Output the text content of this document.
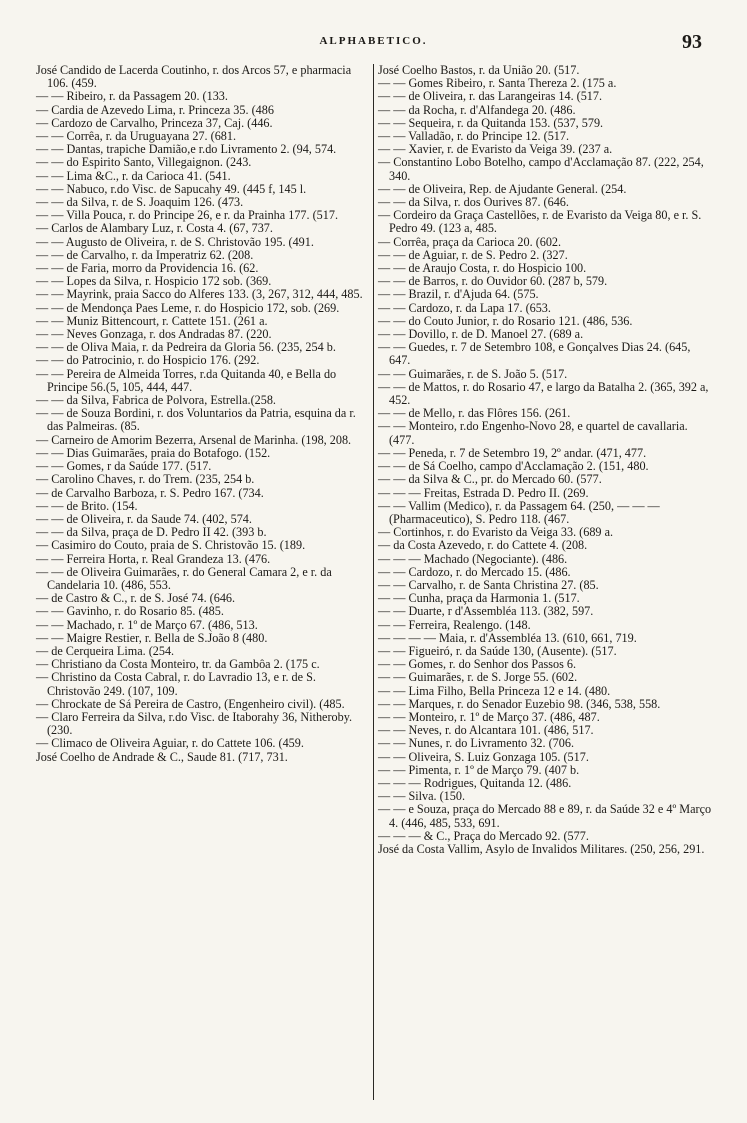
ALPHABETICO.	93

José Candido de Lacerda Coutinho, r. dos Arcos 57, e pharmacia 106. (459.

— — Ribeiro, r. da Passagem 20. (133.

— Cardia de Azevedo Lima, r. Princeza 35. (486

— Cardozo de Carvalho, Princeza 37, Caj. (446.

— — Corrêa, r. da Uruguayana 27. (681.

— — Dantas, trapiche Damião,e r.do Livramento 2. (94, 574.

— — do Espirito Santo, Villegaignon. (243.

— — Lima &C., r. da Carioca 41. (541.

— — Nabuco, r.do Visc. de Sapucahy 49. (445 f, 145 l.

— — da Silva, r. de S. Joaquim 126. (473.

— — Villa Pouca, r. do Principe 26, e r. da Prainha 177. (517.

— Carlos de Alambary Luz, r. Costa 4. (67, 737.

— — Augusto de Oliveira, r. de S. Christovão 195. (491.

— — de Carvalho, r. da Imperatriz 62. (208.

— — de Faria, morro da Providencia 16. (62.

— — Lopes da Silva, r. Hospicio 172 sob. (369.

— — Mayrink, praia Sacco do Alferes 133. (3, 267, 312, 444, 485.

— — de Mendonça Paes Leme, r. do Hospicio 172, sob. (269.

— — Muniz Bittencourt, r. Cattete 151. (261 a.

— — Neves Gonzaga, r. dos Andradas 87. (220.

— — de Oliva Maia, r. da Pedreira da Gloria 56. (235, 254 b.

— — do Patrocinio, r. do Hospicio 176. (292.

— — Pereira de Almeida Torres, r.da Quitanda 40, e Bella do Principe 56.(5, 105, 444, 447.

— — da Silva, Fabrica de Polvora, Estrella.(258.

— — de Souza Bordini, r. dos Voluntarios da Patria, esquina da r. das Palmeiras. (85.

— Carneiro de Amorim Bezerra, Arsenal de Marinha. (198, 208.

— — Dias Guimarães, praia do Botafogo. (152.

— — Gomes, r da Saúde 177. (517.

— Carolino Chaves, r. do Trem. (235, 254 b.

— de Carvalho Barboza, r. S. Pedro 167. (734.

— — de Brito. (154.

— — de Oliveira, r. da Saude 74. (402, 574.

— — da Silva, praça de D. Pedro II 42. (393 b.

— Casimiro do Couto, praia de S. Christovão 15. (189.

— — Ferreira Horta, r. Real Grandeza 13. (476.

— — de Oliveira Guimarães, r. do General Camara 2, e r. da Candelaria 10. (486, 553.

— de Castro & C., r. de S. José 74. (646.

— — Gavinho, r. do Rosario 85. (485.

— — Machado, r. 1º de Março 67. (486, 513.

— — Maigre Restier, r. Bella de S.João 8 (480.

— de Cerqueira Lima. (254.

— Christiano da Costa Monteiro, tr. da Gambôa 2. (175 c.

— Christino da Costa Cabral, r. do Lavradio 13, e r. de S. Christovão 249. (107, 109.

— Chrockate de Sá Pereira de Castro, (Engenheiro civil). (485.

— Claro Ferreira da Silva, r.do Visc. de Itaborahy 36, Nitheroby. (230.

— Climaco de Oliveira Aguiar, r. do Cattete 106. (459.

José Coelho de Andrade & C., Saude 81. (717, 731.

José Coelho Bastos, r. da União 20. (517.

— — Gomes Ribeiro, r. Santa Thereza 2. (175 a.

— — de Oliveira, r. das Larangeiras 14. (517.

— — da Rocha, r. d'Alfandega 20. (486.

— — Sequeira, r. da Quitanda 153. (537, 579.

— — Valladão, r. do Principe 12. (517.

— — Xavier, r. de Evaristo da Veiga 39. (237 a.

— Constantino Lobo Botelho, campo d'Acclamação 87. (222, 254, 340.

— — de Oliveira, Rep. de Ajudante General. (254.

— — da Silva, r. dos Ourives 87. (646.

— Cordeiro da Graça Castellões, r. de Evaristo da Veiga 80, e r. S. Pedro 49. (123 a, 485.

— Corrêa, praça da Carioca 20. (602.

— — de Aguiar, r. de S. Pedro 2. (327.

— — de Araujo Costa, r. do Hospicio 100.

— — de Barros, r. do Ouvidor 60. (287 b, 579.

— — Brazil, r. d'Ajuda 64. (575.

— — Cardozo, r. da Lapa 17. (653.

— — do Couto Junior, r. do Rosario 121. (486, 536.

— — Dovillo, r. de D. Manoel 27. (689 a.

— — Guedes, r. 7 de Setembro 108, e Gonçalves Dias 24. (645, 647.

— — Guimarães, r. de S. João 5. (517.

— — de Mattos, r. do Rosario 47, e largo da Batalha 2. (365, 392 a, 452.

— — de Mello, r. das Flôres 156. (261.

— — Monteiro, r.do Engenho-Novo 28, e quartel de cavallaria. (477.

— — Peneda, r. 7 de Setembro 19, 2º andar. (471, 477.

— — de Sá Coelho, campo d'Acclamação 2. (151, 480.

— — da Silva & C., pr. do Mercado 60. (577.

— — — Freitas, Estrada D. Pedro II. (269.

— — Vallim (Medico), r. da Passagem 64. (250, — — — (Pharmaceutico), S. Pedro 118. (467.

— Cortinhos, r. do Evaristo da Veiga 33. (689 a.

— da Costa Azevedo, r. do Cattete 4. (208.

— — — Machado (Negociante). (486.

— — Cardozo, r. do Mercado 15. (486.

— — Carvalho, r. de Santa Christina 27. (85.

— — Cunha, praça da Harmonia 1. (517.

— — Duarte, r d'Assembléa 113. (382, 597.

— — Ferreira, Realengo. (148.

— — — — Maia, r. d'Assembléa 13. (610, 661, 719.

— — Figueiró, r. da Saúde 130, (Ausente). (517.

— — Gomes, r. do Senhor dos Passos 6.

— — Guimarães, r. de S. Jorge 55. (602.

— — Lima Filho, Bella Princeza 12 e 14. (480.

— — Marques, r. do Senador Euzebio 98. (346, 538, 558.

— — Monteiro, r. 1º de Março 37. (486, 487.

— — Neves, r. do Alcantara 101. (486, 517.

— — Nunes, r. do Livramento 32. (706.

— — Oliveira, S. Luiz Gonzaga 105. (517.

— — Pimenta, r. 1º de Março 79. (407 b.

— — — Rodrigues, Quitanda 12. (486.

— — Silva. (150.

— — e Souza, praça do Mercado 88 e 89, r. da Saúde 32 e 4º Março 4. (446, 485, 533, 691.

— — — & C., Praça do Mercado 92. (577.

José da Costa Vallim, Asylo de Invalidos Militares. (250, 256, 291.
